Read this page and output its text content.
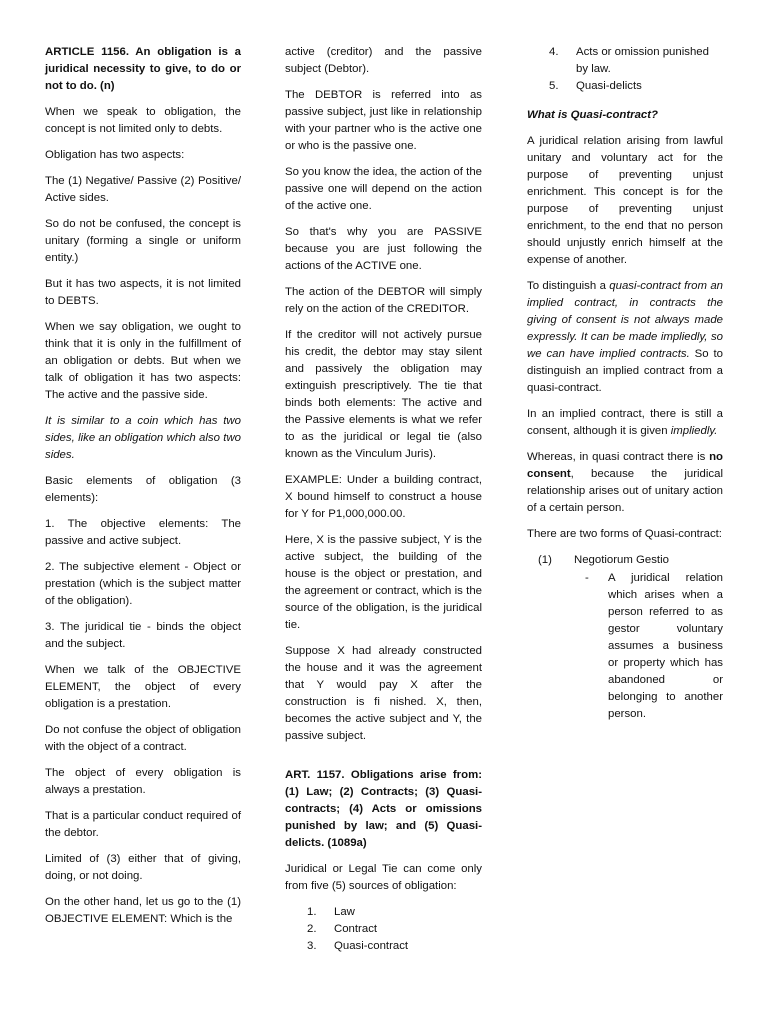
ARTICLE 1156. An obligation is a juridical necessity to give, to do or not to do. (n)

When we speak to obligation, the concept is not limited only to debts.

Obligation has two aspects:

The (1) Negative/ Passive (2) Positive/ Active sides.

So do not be confused, the concept is unitary (forming a single or uniform entity.)

But it has two aspects, it is not limited to DEBTS.

When we say obligation, we ought to think that it is only in the fulfillment of an obligation or debts. But when we talk of obligation it has two aspects: The active and the passive side.

It is similar to a coin which has two sides, like an obligation which also two sides.

Basic elements of obligation (3 elements):

1. The objective elements: The passive and active subject.

2. The subjective element - Object or prestation (which is the subject matter of the obligation).

3. The juridical tie - binds the object and the subject.

When we talk of the OBJECTIVE ELEMENT, the object of every obligation is a prestation.

Do not confuse the object of obligation with the object of a contract.

The object of every obligation is always a prestation.

That is a particular conduct required of the debtor.

Limited of (3) either that of giving, doing, or not doing.

On the other hand, let us go to the (1) OBJECTIVE ELEMENT: Which is the

active (creditor) and the passive subject (Debtor).

The DEBTOR is referred into as passive subject, just like in relationship with your partner who is the active one or who is the passive one.

So you know the idea, the action of the passive one will depend on the action of the active one.

So that's why you are PASSIVE because you are just following the actions of the ACTIVE one.

The action of the DEBTOR will simply rely on the action of the CREDITOR.

If the creditor will not actively pursue his credit, the debtor may stay silent and passively the obligation may extinguish prescriptively. The tie that binds both elements: The active and the Passive elements is what we refer to as the juridical or legal tie (also known as the Vinculum Juris).

EXAMPLE: Under a building contract, X bound himself to construct a house for Y for P1,000,000.00.

Here, X is the passive subject, Y is the active subject, the building of the house is the object or prestation, and the agreement or contract, which is the source of the obligation, is the juridical tie.

Suppose X had already constructed the house and it was the agreement that Y would pay X after the construction is fi nished. X, then, becomes the active subject and Y, the passive subject.

ART. 1157. Obligations arise from: (1) Law; (2) Contracts; (3) Quasi-contracts; (4) Acts or omissions punished by law; and (5) Quasi-delicts. (1089a)

Juridical or Legal Tie can come only from five (5) sources of obligation:

1. Law
2. Contract
3. Quasi-contract
4. Acts or omission punished by law.
5. Quasi-delicts

What is Quasi-contract?

A juridical relation arising from lawful unitary and voluntary act for the purpose of preventing unjust enrichment. This concept is for the purpose of preventing unjust enrichment, to the end that no person should unjustly enrich himself at the expense of another.

To distinguish a quasi-contract from an implied contract, in contracts the giving of consent is not always made expressly. It can be made impliedly, so we can have implied contracts. So to distinguish an implied contract from a quasi-contract.

In an implied contract, there is still a consent, although it is given impliedly.

Whereas, in quasi contract there is no consent, because the juridical relationship arises out of unitary action of a certain person.

There are two forms of Quasi-contract:

(1) Negotiorum Gestio
- A juridical relation which arises when a person referred to as gestor voluntary assumes a business or property which has abandoned or belonging to another person.
